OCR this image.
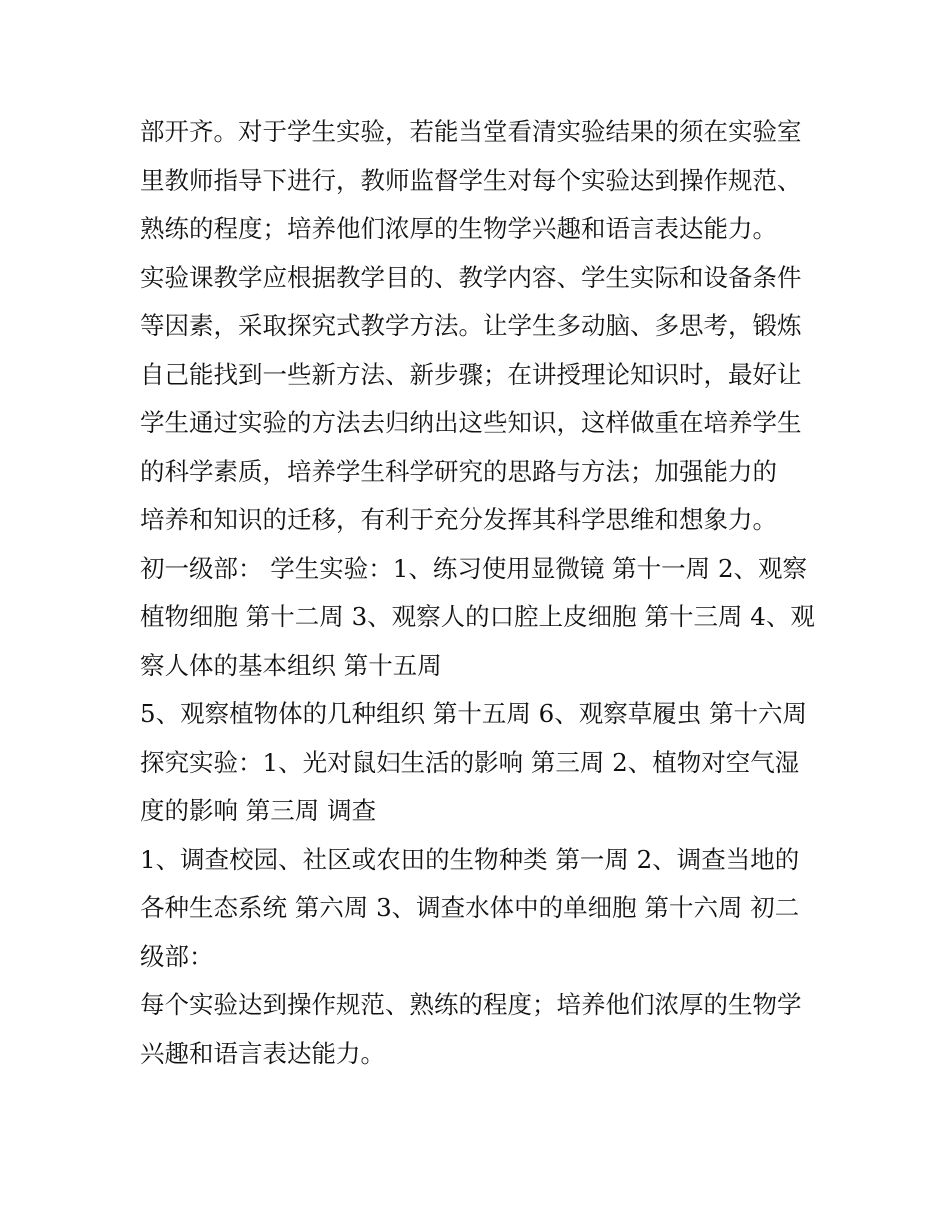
部开齐。对于学生实验，若能当堂看清实验结果的须在实验室
里教师指导下进行，教师监督学生对每个实验达到操作规范、
熟练的程度；培养他们浓厚的生物学兴趣和语言表达能力。
实验课教学应根据教学目的、教学内容、学生实际和设备条件
等因素，采取探究式教学方法。让学生多动脑、多思考，锻炼
自己能找到一些新方法、新步骤；在讲授理论知识时，最好让
学生通过实验的方法去归纳出这些知识，这样做重在培养学生
的科学素质，培养学生科学研究的思路与方法；加强能力的
培养和知识的迁移，有利于充分发挥其科学思维和想象力。
初一级部： 学生实验：1、练习使用显微镜 第十一周 2、观察
植物细胞 第十二周 3、观察人的口腔上皮细胞 第十三周 4、观
察人体的基本组织 第十五周
5、观察植物体的几种组织 第十五周 6、观察草履虫 第十六周
探究实验：1、光对鼠妇生活的影响 第三周 2、植物对空气湿
度的影响 第三周 调查
1、调查校园、社区或农田的生物种类 第一周 2、调查当地的
各种生态系统 第六周 3、调查水体中的单细胞 第十六周 初二
级部：
每个实验达到操作规范、熟练的程度；培养他们浓厚的生物学
兴趣和语言表达能力。
